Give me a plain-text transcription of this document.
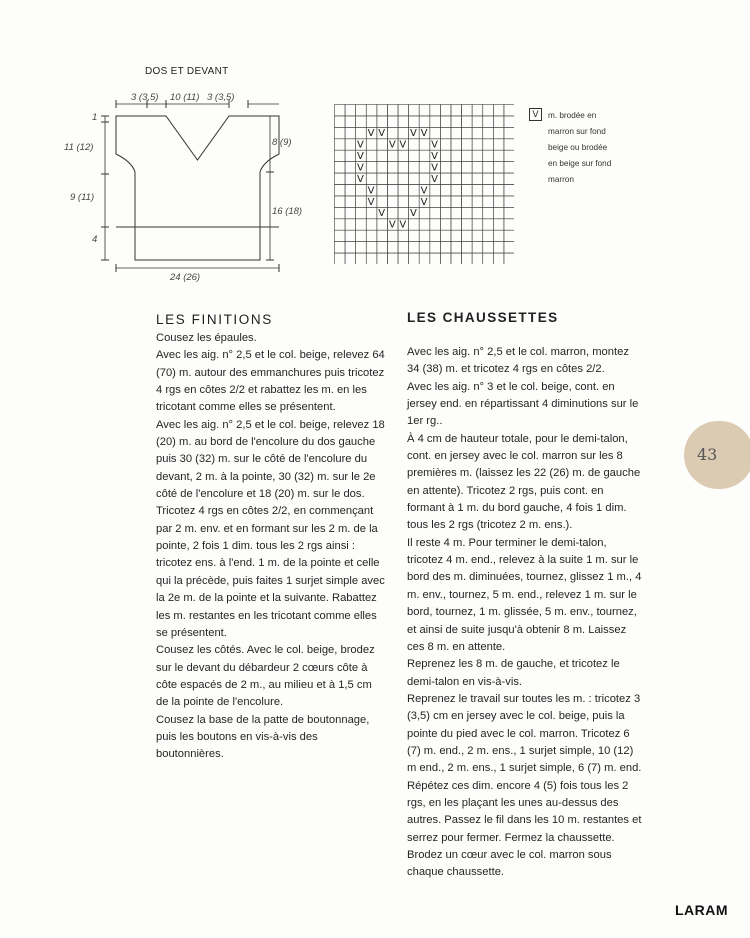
DOS ET DEVANT
3 (3,5) 10 (11) 3 (3,5)
1
11 (12)
9 (11)
4
8 (9)
16 (18)
24 (26)
V V V V
V V V V
V	V
V	V
V	V
V	V
V	V
V V
V V
V	m. brodée en marron sur fond beige ou brodée en beige sur fond marron
LES FINITIONS

Cousez les épaules.

Avec les aig. n° 2,5 et le col. beige, relevez 64 (70) m. autour des emmanchures puis tricotez 4 rgs en côtes 2/2 et rabattez les m. en les tricotant comme elles se présentent.

Avec les aig. n° 2,5 et le col. beige, relevez 18 (20) m. au bord de l'encolure du dos gauche puis 30 (32) m. sur le côté de l'encolure du devant, 2 m. à la pointe, 30 (32) m. sur le 2e côté de l'encolure et 18 (20) m. sur le dos. Tricotez 4 rgs en côtes 2/2, en commençant par 2 m. env. et en formant sur les 2 m. de la pointe, 2 fois 1 dim. tous les 2 rgs ainsi : tricotez ens. à l'end. 1 m. de la pointe et celle qui la précède, puis faites 1 surjet simple avec la 2e m. de la pointe et la suivante. Rabattez les m. restantes en les tricotant comme elles se présentent.

Cousez les côtés. Avec le col. beige, brodez sur le devant du débardeur 2 cœurs côte à côte espacés de 2 m., au milieu et à 1,5 cm de la pointe de l'encolure.

Cousez la base de la patte de boutonnage, puis les boutons en vis-à-vis des boutonnières.

LES CHAUSSETTES

Avec les aig. n° 2,5 et le col. marron, montez 34 (38) m. et tricotez 4 rgs en côtes 2/2.

Avec les aig. n° 3 et le col. beige, cont. en jersey end. en répartissant 4 diminutions sur le 1er rg..

À 4 cm de hauteur totale, pour le demi-talon, cont. en jersey avec le col. marron sur les 8 premières m. (laissez les 22 (26) m. de gauche en attente). Tricotez 2 rgs, puis cont. en formant à 1 m. du bord gauche, 4 fois 1 dim. tous les 2 rgs (tricotez 2 m. ens.).

Il reste 4 m. Pour terminer le demi-talon, tricotez 4 m. end., relevez à la suite 1 m. sur le bord des m. diminuées, tournez, glissez 1 m., 4 m. env., tournez, 5 m. end., relevez 1 m. sur le bord, tournez, 1 m. glissée, 5 m. env., tournez, et ainsi de suite jusqu'à obtenir 8 m. Laissez ces 8 m. en attente.

Reprenez les 8 m. de gauche, et tricotez le demi-talon en vis-à-vis.

Reprenez le travail sur toutes les m. : tricotez 3 (3,5) cm en jersey avec le col. beige, puis la pointe du pied avec le col. marron. Tricotez 6 (7) m. end., 2 m. ens., 1 surjet simple, 10 (12) m end., 2 m. ens., 1 surjet simple, 6 (7) m. end. Répétez ces dim. encore 4 (5) fois tous les 2 rgs, en les plaçant les unes au-dessus des autres. Passez le fil dans les 10 m. restantes et serrez pour fermer. Fermez la chaussette.

Brodez un cœur avec le col. marron sous chaque chaussette.

43
LARAM
